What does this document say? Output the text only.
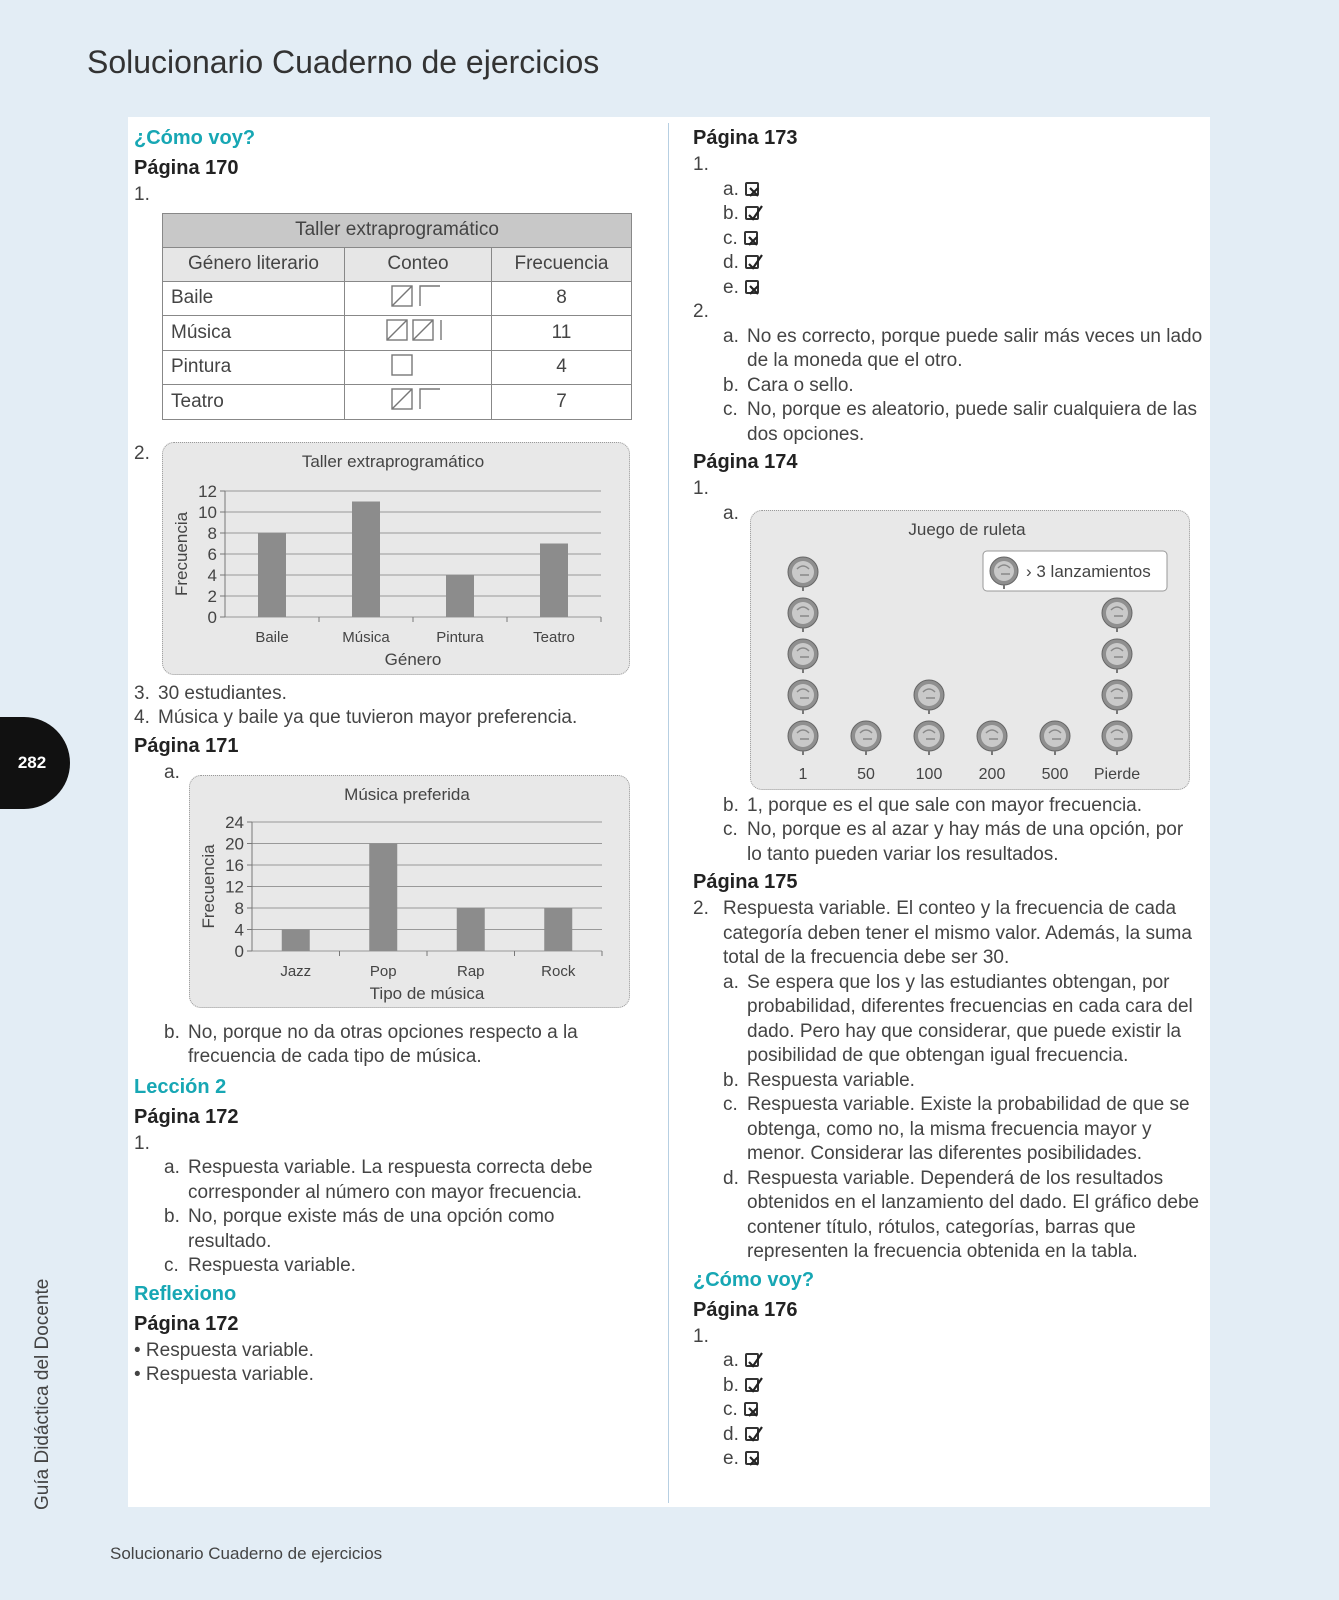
Solucionario Cuaderno de ejercicios
282
Guía Didáctica del Docente
Solucionario Cuaderno de ejercicios
¿Cómo voy?
Página 170
1.
Taller extraprogramático		
Género literario	Conteo	Frecuencia
Baile		8
Música		11
Pintura		4
Teatro		7
2.	Taller extraprogramático
0
2
4
6
8
10
12
Baile	Música	Pintura	Teatro
Género
Frecuencia
3. 30 estudiantes.
4. Música y baile ya que tuvieron mayor preferencia.
Página 171
a.
Música preferida
0
4
8
12
16
20
24
Jazz	Pop	Rap	Rock
Tipo de música
Frecuencia
b. No, porque no da otras opciones respecto a la frecuencia de cada tipo de música.
Lección 2
Página 172
1.
a. Respuesta variable. La respuesta correcta debe corresponder al número con mayor frecuencia.
b. No, porque existe más de una opción como resultado.
c. Respuesta variable.
Reflexiono
Página 172
• Respuesta variable.
• Respuesta variable.
Página 173
1.
a.
b.
c.
d.
e.
2.
a. No es correcto, porque puede salir más veces un lado de la moneda que el otro.
b. Cara o sello.
c. No, porque es aleatorio, puede salir cualquiera de las dos opciones.
Página 174
1.
a.
Juego de ruleta
› 3 lanzamientos
1	50	100 200 500 Pierde
b. 1, porque es el que sale con mayor frecuencia.
c. No, porque es al azar y hay más de una opción, por lo tanto pueden variar los resultados.
Página 175
2. Respuesta variable. El conteo y la frecuencia de cada categoría deben tener el mismo valor. Además, la suma total de la frecuencia debe ser 30.
a. Se espera que los y las estudiantes obtengan, por probabilidad, diferentes frecuencias en cada cara del dado. Pero hay que considerar, que puede existir la posibilidad de que obtengan igual frecuencia.
b. Respuesta variable.
c. Respuesta variable. Existe la probabilidad de que se obtenga, como no, la misma frecuencia mayor y menor. Considerar las diferentes posibilidades.
d. Respuesta variable. Dependerá de los resultados obtenidos en el lanzamiento del dado. El gráfico debe contener título, rótulos, categorías, barras que representen la frecuencia obtenida en la tabla.
¿Cómo voy?
Página 176
1.
a.
b.
c.
d.
e.
